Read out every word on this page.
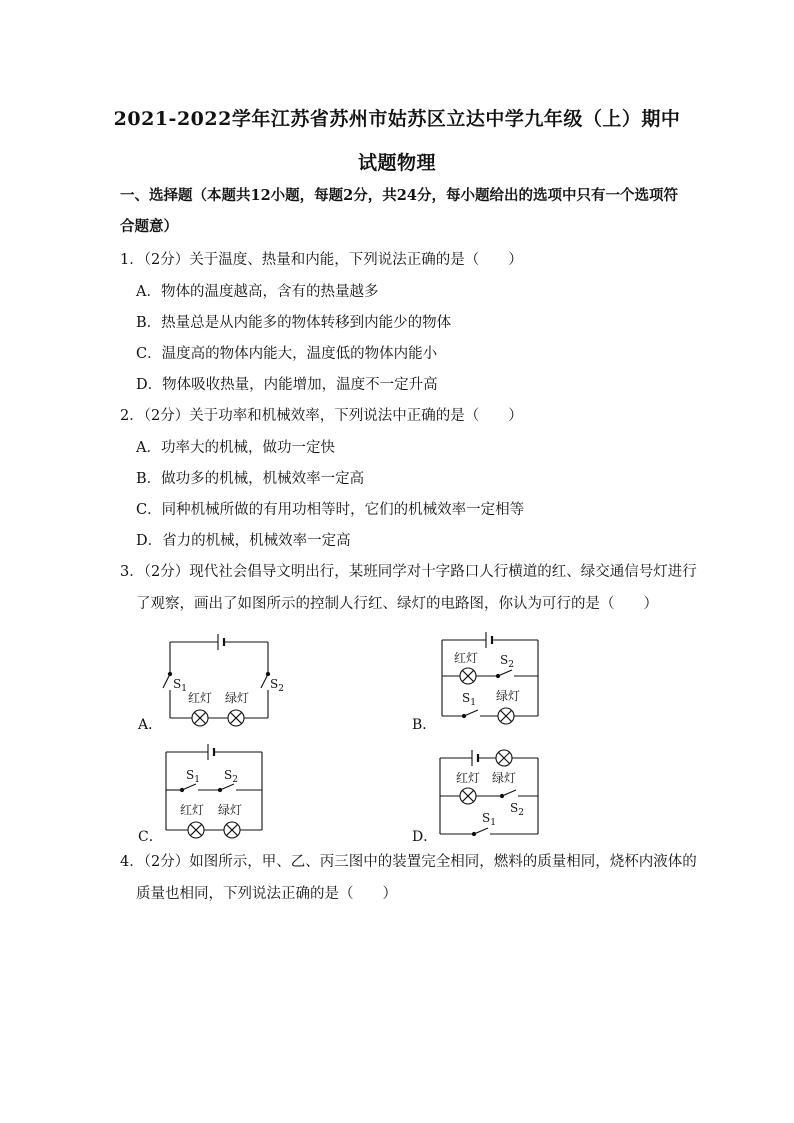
2021-2022学年江苏省苏州市姑苏区立达中学九年级（上）期中
试题物理
一、选择题（本题共12小题，每题2分，共24分，每小题给出的选项中只有一个选项符合题意）
1．（2分）关于温度、热量和内能，下列说法正确的是（　　）
A．物体的温度越高，含有的热量越多
B．热量总是从内能多的物体转移到内能少的物体
C．温度高的物体内能大，温度低的物体内能小
D．物体吸收热量，内能增加，温度不一定升高
2．（2分）关于功率和机械效率，下列说法中正确的是（　　）
A．功率大的机械，做功一定快
B．做功多的机械，机械效率一定高
C．同种机械所做的有用功相等时，它们的机械效率一定相等
D．省力的机械，机械效率一定高
3．（2分）现代社会倡导文明出行，某班同学对十字路口人行横道的红、绿交通信号灯进行
了观察，画出了如图所示的控制人行红、绿灯的电路图，你认为可行的是（　　）
A．	B．
C．	D．
$S_1$	$S_2$
红灯 绿灯
红灯 $S_2$
$S_1$ 绿灯
$S_1$ $S_2$
红灯 绿灯
红灯 绿灯
$S_2$
$S_1$
4．（2分）如图所示，甲、乙、丙三图中的装置完全相同，燃料的质量相同，烧杯内液体的
质量也相同，下列说法正确的是（　　）
